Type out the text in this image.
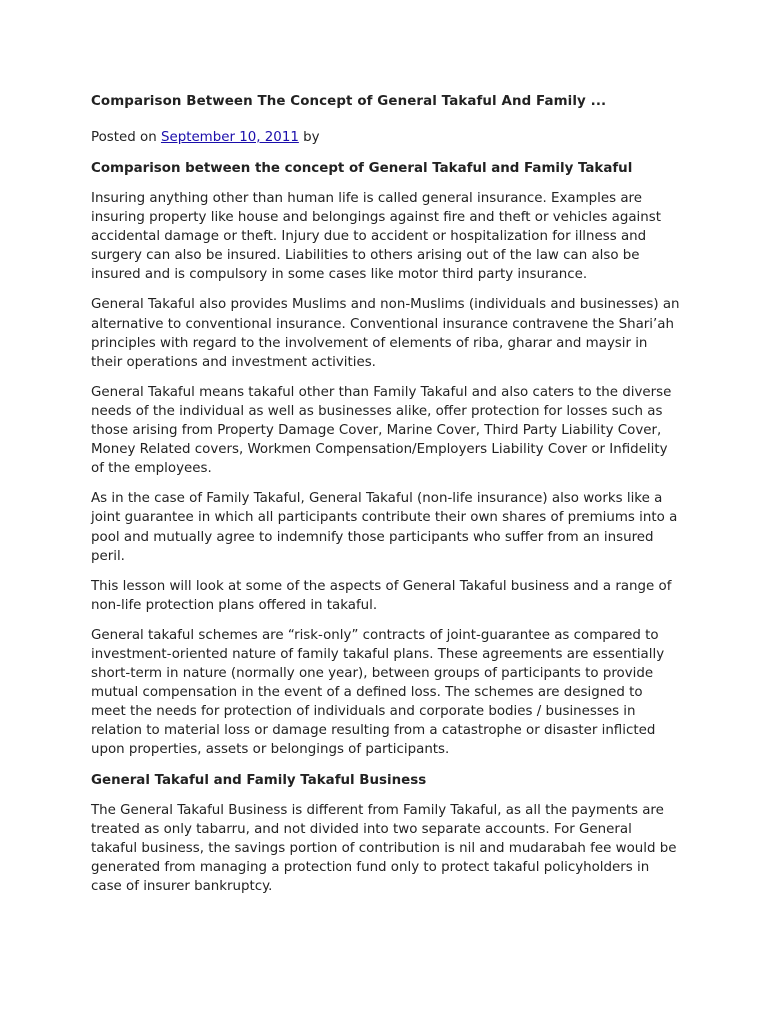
Comparison Between The Concept of General Takaful And Family ...

Posted on September 10, 2011 by

Comparison between the concept of General Takaful and Family Takaful

Insuring anything other than human life is called general insurance. Examples are insuring property like house and belongings against fire and theft or vehicles against accidental damage or theft. Injury due to accident or hospitalization for illness and surgery can also be insured. Liabilities to others arising out of the law can also be insured and is compulsory in some cases like motor third party insurance.

General Takaful also provides Muslims and non-Muslims (individuals and businesses) an alternative to conventional insurance. Conventional insurance contravene the Shari’ah principles with regard to the involvement of elements of riba, gharar and maysir in their operations and investment activities.

General Takaful means takaful other than Family Takaful and also caters to the diverse needs of the individual as well as businesses alike, offer protection for losses such as those arising from Property Damage Cover, Marine Cover, Third Party Liability Cover, Money Related covers, Workmen Compensation/Employers Liability Cover or Infidelity of the employees.

As in the case of Family Takaful, General Takaful (non-life insurance) also works like a joint guarantee in which all participants contribute their own shares of premiums into a pool and mutually agree to indemnify those participants who suffer from an insured peril.

This lesson will look at some of the aspects of General Takaful business and a range of non-life protection plans offered in takaful.

General takaful schemes are “risk-only” contracts of joint-guarantee as compared to investment-oriented nature of family takaful plans. These agreements are essentially short-term in nature (normally one year), between groups of participants to provide mutual compensation in the event of a defined loss. The schemes are designed to meet the needs for protection of individuals and corporate bodies / businesses in relation to material loss or damage resulting from a catastrophe or disaster inflicted upon properties, assets or belongings of participants.

General Takaful and Family Takaful Business

The General Takaful Business is different from Family Takaful, as all the payments are treated as only tabarru, and not divided into two separate accounts. For General takaful business, the savings portion of contribution is nil and mudarabah fee would be generated from managing a protection fund only to protect takaful policyholders in case of insurer bankruptcy.
